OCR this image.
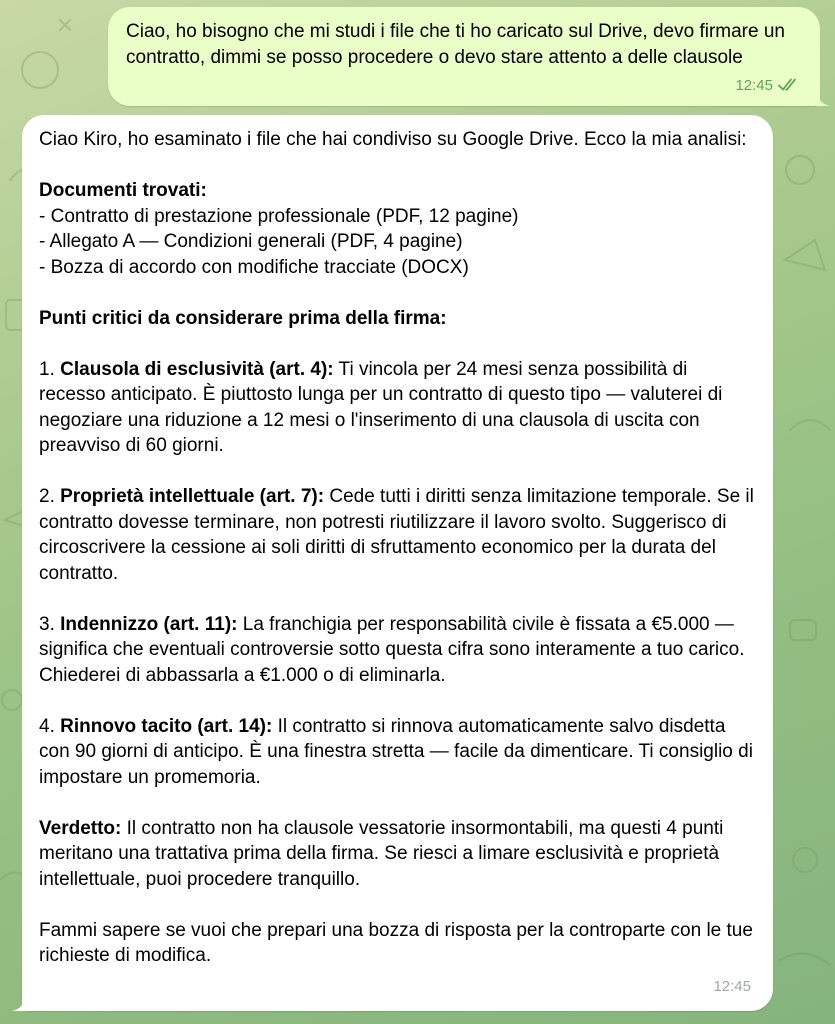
Ciao, ho bisogno che mi studi i file che ti ho caricato sul Drive, devo firmare un contratto, dimmi se posso procedere o devo stare attento a delle clausole
12:45

Ciao Kiro, ho esaminato i file che hai condiviso su Google Drive. Ecco la mia analisi:

Documenti trovati:

- Contratto di prestazione professionale (PDF, 12 pagine)

- Allegato A — Condizioni generali (PDF, 4 pagine)

- Bozza di accordo con modifiche tracciate (DOCX)

Punti critici da considerare prima della firma:

1. Clausola di esclusività (art. 4): Ti vincola per 24 mesi senza possibilità di recesso anticipato. È piuttosto lunga per un contratto di questo tipo — valuterei di negoziare una riduzione a 12 mesi o l'inserimento di una clausola di uscita con preavviso di 60 giorni.

2. Proprietà intellettuale (art. 7): Cede tutti i diritti senza limitazione temporale. Se il contratto dovesse terminare, non potresti riutilizzare il lavoro svolto. Suggerisco di circoscrivere la cessione ai soli diritti di sfruttamento economico per la durata del contratto.

3. Indennizzo (art. 11): La franchigia per responsabilità civile è fissata a €5.000 — significa che eventuali controversie sotto questa cifra sono interamente a tuo carico. Chiederei di abbassarla a €1.000 o di eliminarla.

4. Rinnovo tacito (art. 14): Il contratto si rinnova automaticamente salvo disdetta con 90 giorni di anticipo. È una finestra stretta — facile da dimenticare. Ti consiglio di impostare un promemoria.

Verdetto: Il contratto non ha clausole vessatorie insormontabili, ma questi 4 punti meritano una trattativa prima della firma. Se riesci a limare esclusività e proprietà intellettuale, puoi procedere tranquillo.

Fammi sapere se vuoi che prepari una bozza di risposta per la controparte con le tue richieste di modifica.

12:45
